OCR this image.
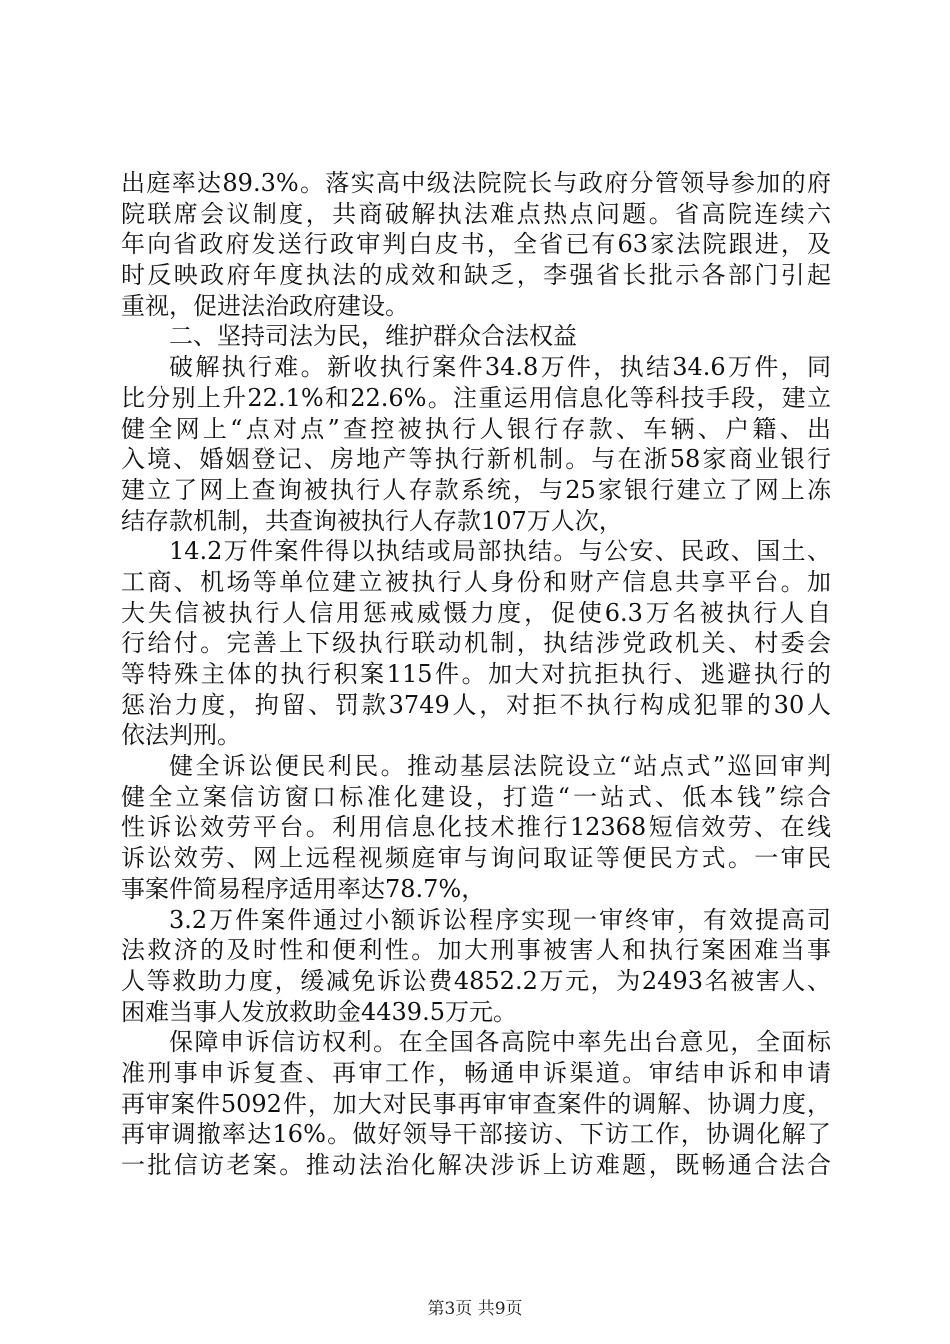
出庭率达89.3%。落实高中级法院院长与政府分管领导参加的府
院联席会议制度，共商破解执法难点热点问题。省高院连续六
年向省政府发送行政审判白皮书，全省已有63家法院跟进，及
时反映政府年度执法的成效和缺乏，李强省长批示各部门引起
重视，促进法治政府建设。
二、坚持司法为民，维护群众合法权益
破解执行难。新收执行案件34.8万件，执结34.6万件，同
比分别上升22.1%和22.6%。注重运用信息化等科技手段，建立
健全网上“点对点”查控被执行人银行存款、车辆、户籍、出
入境、婚姻登记、房地产等执行新机制。与在浙58家商业银行
建立了网上查询被执行人存款系统，与25家银行建立了网上冻
结存款机制，共查询被执行人存款107万人次，
14.2万件案件得以执结或局部执结。与公安、民政、国土、
工商、机场等单位建立被执行人身份和财产信息共享平台。加
大失信被执行人信用惩戒威慑力度，促使6.3万名被执行人自
行给付。完善上下级执行联动机制，执结涉党政机关、村委会
等特殊主体的执行积案115件。加大对抗拒执行、逃避执行的
惩治力度，拘留、罚款3749人，对拒不执行构成犯罪的30人
依法判刑。
健全诉讼便民利民。推动基层法院设立“站点式”巡回审判
健全立案信访窗口标准化建设，打造“一站式、低本钱”综合
性诉讼效劳平台。利用信息化技术推行12368短信效劳、在线
诉讼效劳、网上远程视频庭审与询问取证等便民方式。一审民
事案件简易程序适用率达78.7%，
3.2万件案件通过小额诉讼程序实现一审终审，有效提高司
法救济的及时性和便利性。加大刑事被害人和执行案困难当事
人等救助力度，缓减免诉讼费4852.2万元，为2493名被害人、
困难当事人发放救助金4439.5万元。
保障申诉信访权利。在全国各高院中率先出台意见，全面标
准刑事申诉复查、再审工作，畅通申诉渠道。审结申诉和申请
再审案件5092件，加大对民事再审审查案件的调解、协调力度，
再审调撤率达16%。做好领导干部接访、下访工作，协调化解了
一批信访老案。推动法治化解决涉诉上访难题，既畅通合法合
第3页 共9页
